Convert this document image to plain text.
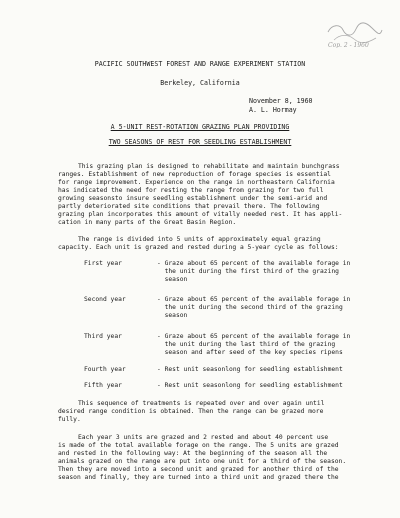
Cop. 2 - 1960
PACIFIC SOUTHWEST FOREST AND RANGE EXPERIMENT STATION
Berkeley, California
November 8, 1960
A. L. Hormay
A 5-UNIT REST-ROTATION GRAZING PLAN PROVIDING
TWO SEASONS OF REST FOR SEEDLING ESTABLISHMENT
This grazing plan is designed to rehabilitate and maintain bunchgrass
ranges. Establishment of new reproduction of forage species is essential
for range improvement. Experience on the range in northeastern California
has indicated the need for resting the range from grazing for two full
growing seasonsto insure seedling establishment under the semi-arid and
partly deteriorated site conditions that prevail there. The following
grazing plan incorporates this amount of vitally needed rest. It has appli-
cation in many parts of the Great Basin Region.
The range is divided into 5 units of approximately equal grazing
capacity. Each unit is grazed and rested during a 5-year cycle as follows:
First year	- Graze about 65 percent of the available forage in
the unit during the first third of the grazing
season
Second year	- Graze about 65 percent of the available forage in
the unit during the second third of the grazing
season
Third year	- Graze about 65 percent of the available forage in
the unit during the last third of the grazing
season and after seed of the key species ripens
Fourth year	- Rest unit seasonlong for seedling establishment
Fifth year	- Rest unit seasonlong for seedling establishment
This sequence of treatments is repeated over and over again until
desired range condition is obtained. Then the range can be grazed more
fully.
Each year 3 units are grazed and 2 rested and about 40 percent use
is made of the total available forage on the range. The 5 units are grazed
and rested in the following way: At the beginning of the season all the
animals grazed on the range are put into one unit for a third of the season.
Then they are moved into a second unit and grazed for another third of the
season and finally, they are turned into a third unit and grazed there the
